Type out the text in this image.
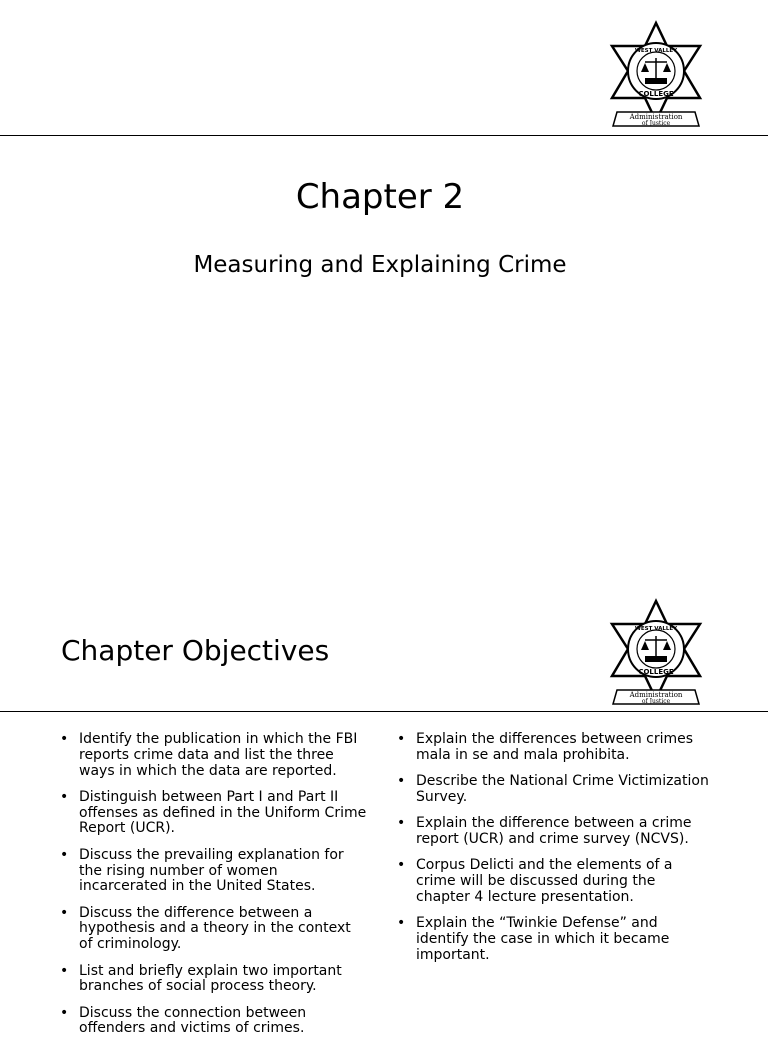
WEST VALLEY
COLLEGE
Administration
of Justice
Chapter 2
Measuring and Explaining Crime
WEST VALLEY
COLLEGE
Administration
of Justice
Chapter Objectives
• Identify the publication in which the FBI reports crime data and list the three ways in which the data are reported.
• Distinguish between Part I and Part II offenses as defined in the Uniform Crime Report (UCR).
• Discuss the prevailing explanation for the rising number of women incarcerated in the United States.
• Discuss the difference between a hypothesis and a theory in the context of criminology.
• List and briefly explain two important branches of social process theory.
• Discuss the connection between offenders and victims of crimes.
• Explain the differences between crimes mala in se and mala prohibita.
• Describe the National Crime Victimization Survey.
• Explain the difference between a crime report (UCR) and crime survey (NCVS).
• Corpus Delicti and the elements of a crime will be discussed during the chapter 4 lecture presentation.
• Explain the “Twinkie Defense” and identify the case in which it became important.
